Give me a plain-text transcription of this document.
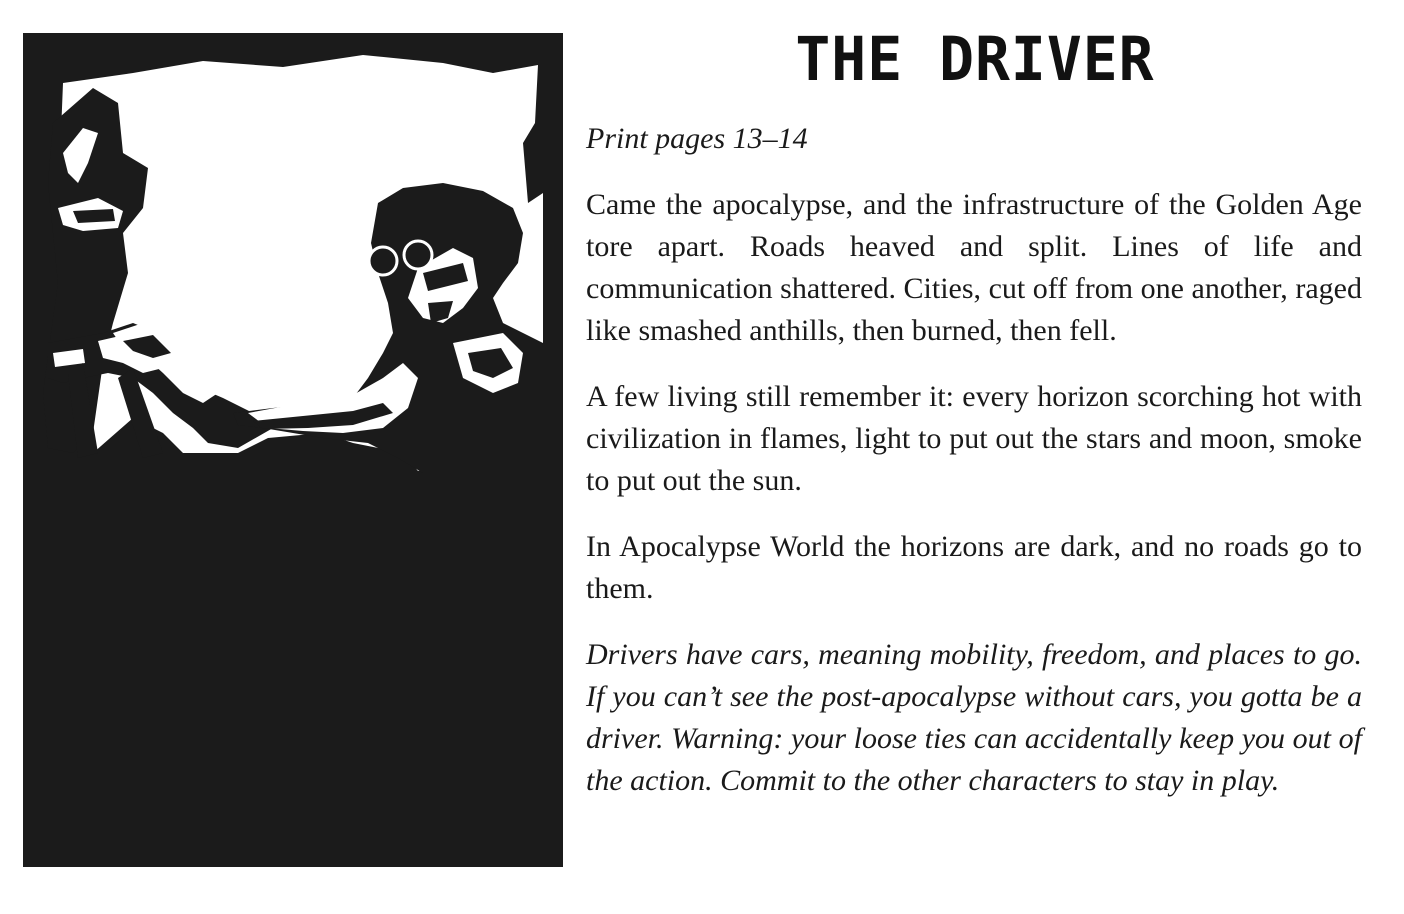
THE DRIVER

Print pages 13–14

Came the apocalypse, and the infrastructure of the Golden Age tore apart. Roads heaved and split. Lines of life and communication shattered. Cities, cut off from one another, raged like smashed anthills, then burned, then fell.

A few living still remember it: every horizon scorching hot with civilization in flames, light to put out the stars and moon, smoke to put out the sun.

In Apocalypse World the horizons are dark, and no roads go to them.

Drivers have cars, meaning mobility, freedom, and places to go. If you can’t see the post-apocalypse without cars, you gotta be a driver. Warning: your loose ties can accidentally keep you out of the action. Commit to the other characters to stay in play.
